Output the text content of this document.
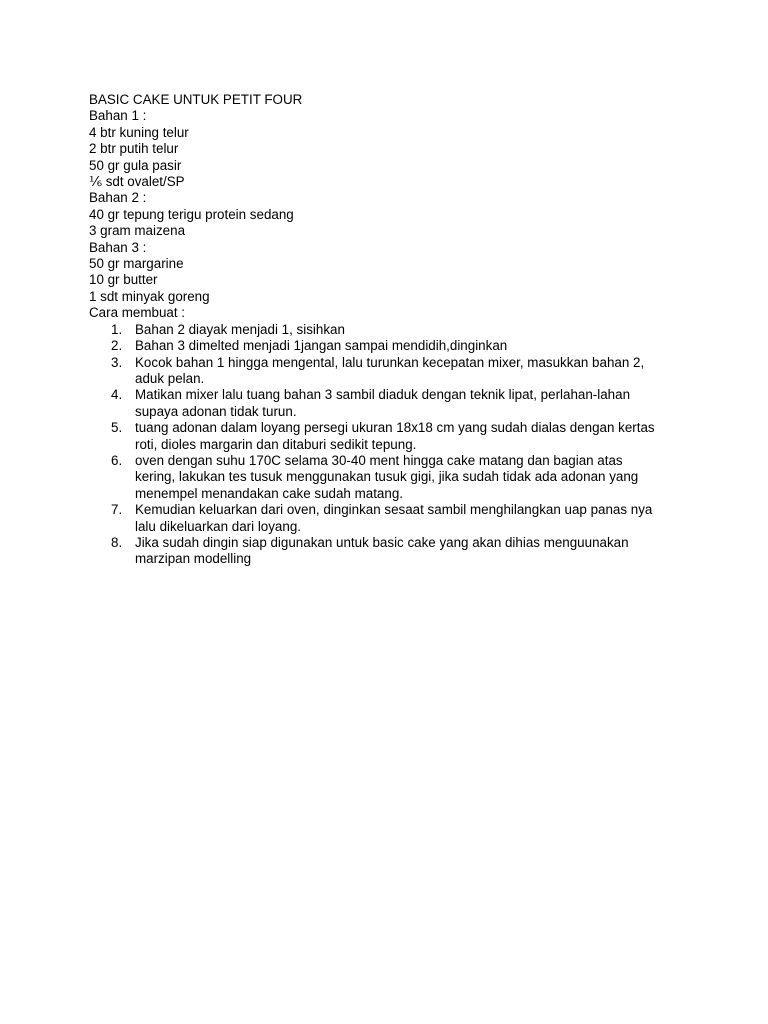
BASIC CAKE UNTUK PETIT FOUR
Bahan 1 :
4 btr kuning telur
2 btr putih telur
50 gr gula pasir
⅙ sdt ovalet/SP
Bahan 2 :
40 gr tepung terigu protein sedang
3 gram maizena
Bahan 3 :
50 gr margarine
10 gr butter
1 sdt minyak goreng
Cara membuat :
1. Bahan 2 diayak menjadi 1, sisihkan
2. Bahan 3 dimelted menjadi 1jangan sampai mendidih,dinginkan
3. Kocok bahan 1 hingga mengental, lalu turunkan kecepatan mixer, masukkan bahan 2,
aduk pelan.
4. Matikan mixer lalu tuang bahan 3 sambil diaduk dengan teknik lipat, perlahan-lahan
supaya adonan tidak turun.
5. tuang adonan dalam loyang persegi ukuran 18x18 cm yang sudah dialas dengan kertas
roti, dioles margarin dan ditaburi sedikit tepung.
6. oven dengan suhu 170C selama 30-40 ment hingga cake matang dan bagian atas
kering, lakukan tes tusuk menggunakan tusuk gigi, jika sudah tidak ada adonan yang
menempel menandakan cake sudah matang.
7. Kemudian keluarkan dari oven, dinginkan sesaat sambil menghilangkan uap panas nya
lalu dikeluarkan dari loyang.
8. Jika sudah dingin siap digunakan untuk basic cake yang akan dihias menguunakan
marzipan modelling
